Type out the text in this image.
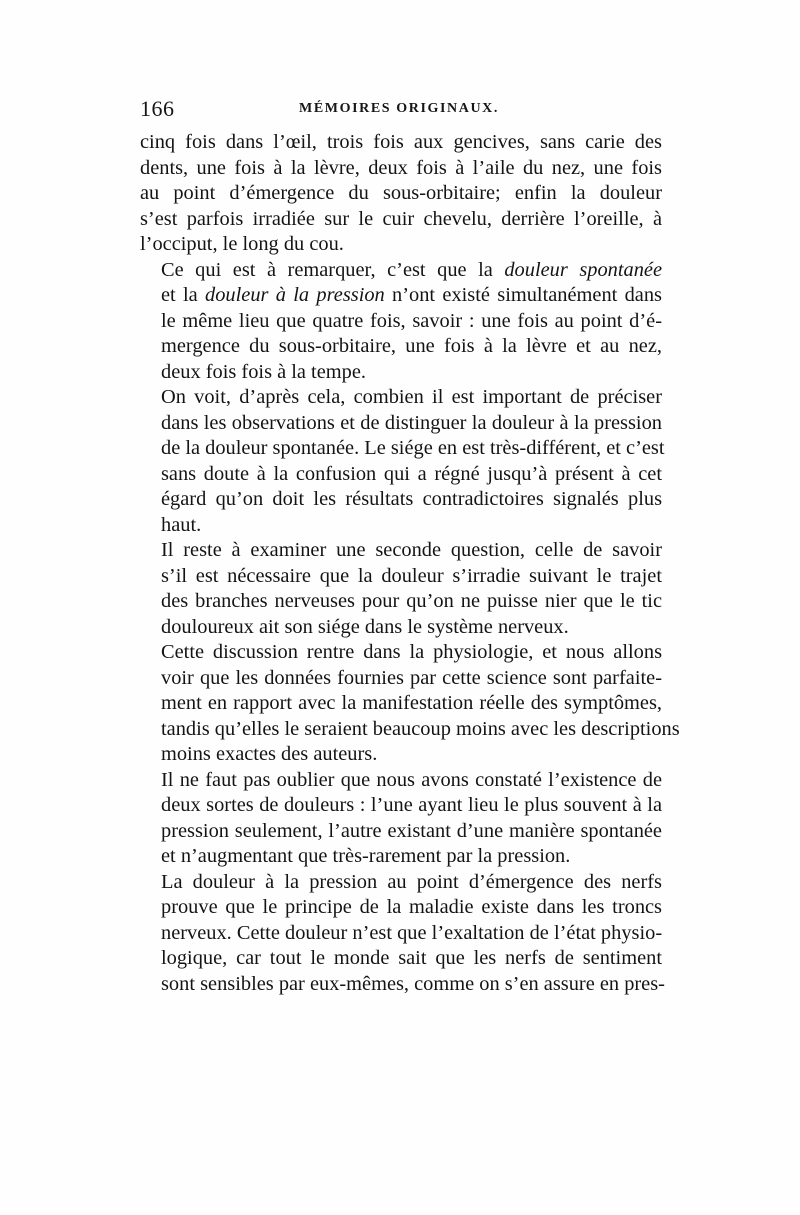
166	MÉMOIRES ORIGINAUX.

cinq fois dans l’œil, trois fois aux gencives, sans carie des
dents, une fois à la lèvre, deux fois à l’aile du nez, une fois
au point d’émergence du sous-orbitaire; enfin la douleur
s’est parfois irradiée sur le cuir chevelu, derrière l’oreille, à
l’occiput, le long du cou.

Ce qui est à remarquer, c’est que la douleur spontanée
et la douleur à la pression n’ont existé simultanément dans
le même lieu que quatre fois, savoir : une fois au point d’é-
mergence du sous-orbitaire, une fois à la lèvre et au nez,
deux fois fois à la tempe.

On voit, d’après cela, combien il est important de préciser
dans les observations et de distinguer la douleur à la pression
de la douleur spontanée. Le siége en est très-différent, et c’est
sans doute à la confusion qui a régné jusqu’à présent à cet
égard qu’on doit les résultats contradictoires signalés plus
haut.

Il reste à examiner une seconde question, celle de savoir
s’il est nécessaire que la douleur s’irradie suivant le trajet
des branches nerveuses pour qu’on ne puisse nier que le tic
douloureux ait son siége dans le système nerveux.

Cette discussion rentre dans la physiologie, et nous allons
voir que les données fournies par cette science sont parfaite-
ment en rapport avec la manifestation réelle des symptômes,
tandis qu’elles le seraient beaucoup moins avec les descriptions
moins exactes des auteurs.

Il ne faut pas oublier que nous avons constaté l’existence de
deux sortes de douleurs : l’une ayant lieu le plus souvent à la
pression seulement, l’autre existant d’une manière spontanée
et n’augmentant que très-rarement par la pression.

La douleur à la pression au point d’émergence des nerfs
prouve que le principe de la maladie existe dans les troncs
nerveux. Cette douleur n’est que l’exaltation de l’état physio-
logique, car tout le monde sait que les nerfs de sentiment
sont sensibles par eux-mêmes, comme on s’en assure en pres-
